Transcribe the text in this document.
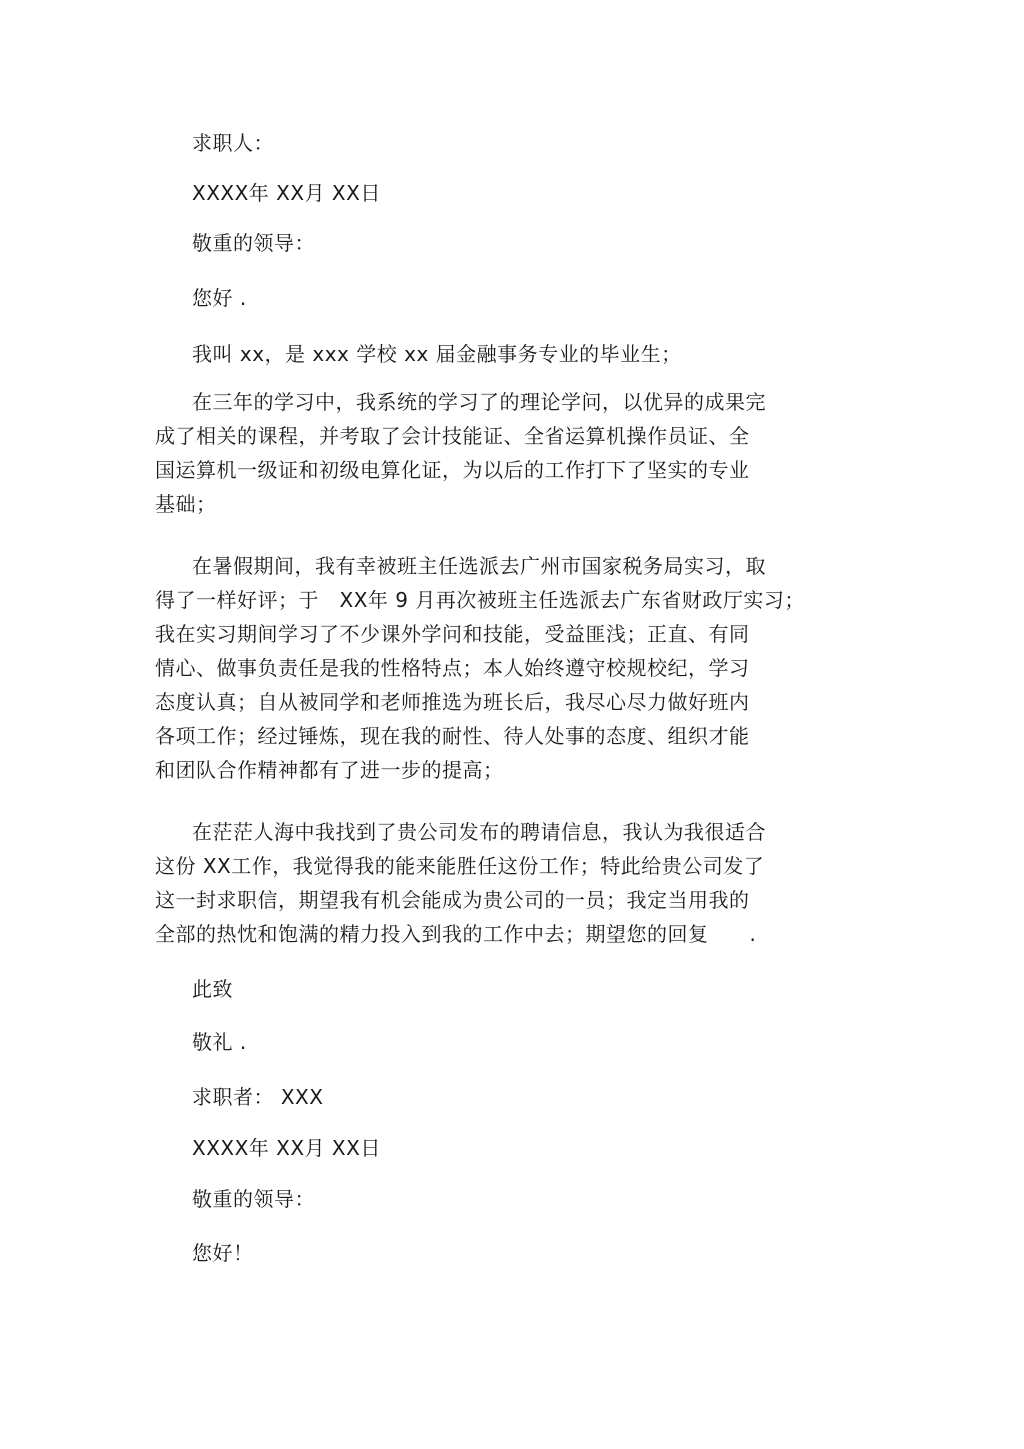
求职人：
XXXX年 XX月 XX日
敬重的领导：
您好 .
我叫 xx，是 xxx 学校 xx 届金融事务专业的毕业生；
在三年的学习中，我系统的学习了的理论学问，以优异的成果完
成了相关的课程，并考取了会计技能证、全省运算机操作员证、全
国运算机一级证和初级电算化证，为以后的工作打下了坚实的专业
基础；
在暑假期间，我有幸被班主任选派去广州市国家税务局实习，取
得了一样好评；于　XX年 9 月再次被班主任选派去广东省财政厅实习；
我在实习期间学习了不少课外学问和技能，受益匪浅；正直、有同
情心、做事负责任是我的性格特点；本人始终遵守校规校纪，学习
态度认真；自从被同学和老师推选为班长后，我尽心尽力做好班内
各项工作；经过锤炼，现在我的耐性、待人处事的态度、组织才能
和团队合作精神都有了进一步的提高；
在茫茫人海中我找到了贵公司发布的聘请信息，我认为我很适合
这份 XX工作，我觉得我的能来能胜任这份工作；特此给贵公司发了
这一封求职信，期望我有机会能成为贵公司的一员；我定当用我的
全部的热忱和饱满的精力投入到我的工作中去；期望您的回复　　.
此致
敬礼 .
求职者： XXX
XXXX年 XX月 XX日
敬重的领导：
您好！
